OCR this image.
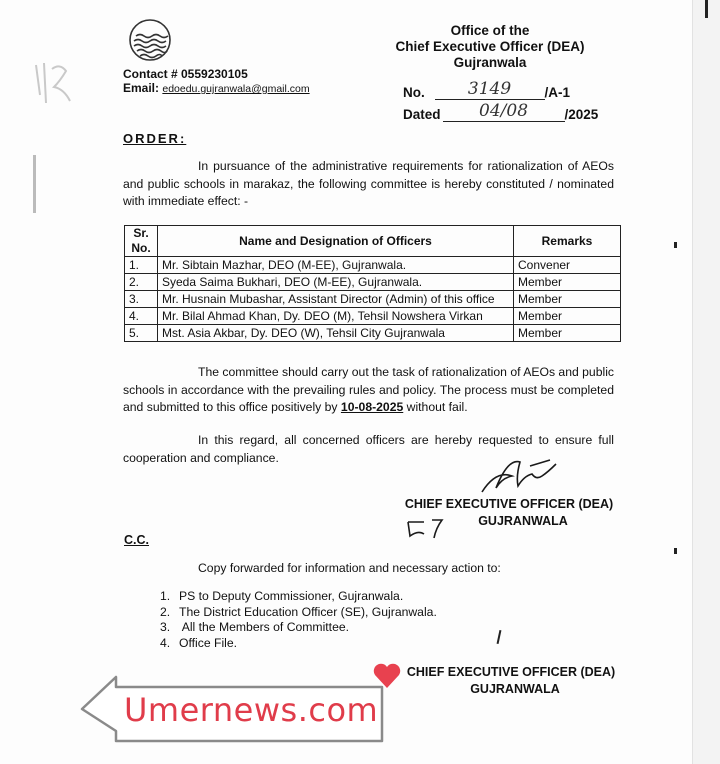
Contact # 0559230105
Email: edoedu.gujranwala@gmail.com
Office of the
Chief Executive Officer (DEA)
Gujranwala
No.	3149 /A-1
Dated 04/08	/2025
ORDER:
In pursuance of the administrative requirements for rationalization of AEOs and public schools in marakaz, the following committee is hereby constituted / nominated with immediate effect: -
Sr.
No.	Name and Designation of Officers	Remarks
1.	Mr. Sibtain Mazhar, DEO (M-EE), Gujranwala.	Convener
2.	Syeda Saima Bukhari, DEO (M-EE), Gujranwala.	Member
3.	Mr. Husnain Mubashar, Assistant Director (Admin) of this office	Member
4.	Mr. Bilal Ahmad Khan, Dy. DEO (M), Tehsil Nowshera Virkan	Member
5.	Mst. Asia Akbar, Dy. DEO (W), Tehsil City Gujranwala	Member
The committee should carry out the task of rationalization of AEOs and public schools in accordance with the prevailing rules and policy. The process must be completed and submitted to this office positively by 10-08-2025 without fail.
In this regard, all concerned officers are hereby requested to ensure full cooperation and compliance.
CHIEF EXECUTIVE OFFICER (DEA)
GUJRANWALA
C.C.
Copy forwarded for information and necessary action to:
1. PS to Deputy Commissioner, Gujranwala.
2. The District Education Officer (SE), Gujranwala.
3. All the Members of Committee.
4. Office File.
CHIEF EXECUTIVE OFFICER (DEA)
GUJRANWALA
Umernews.com
